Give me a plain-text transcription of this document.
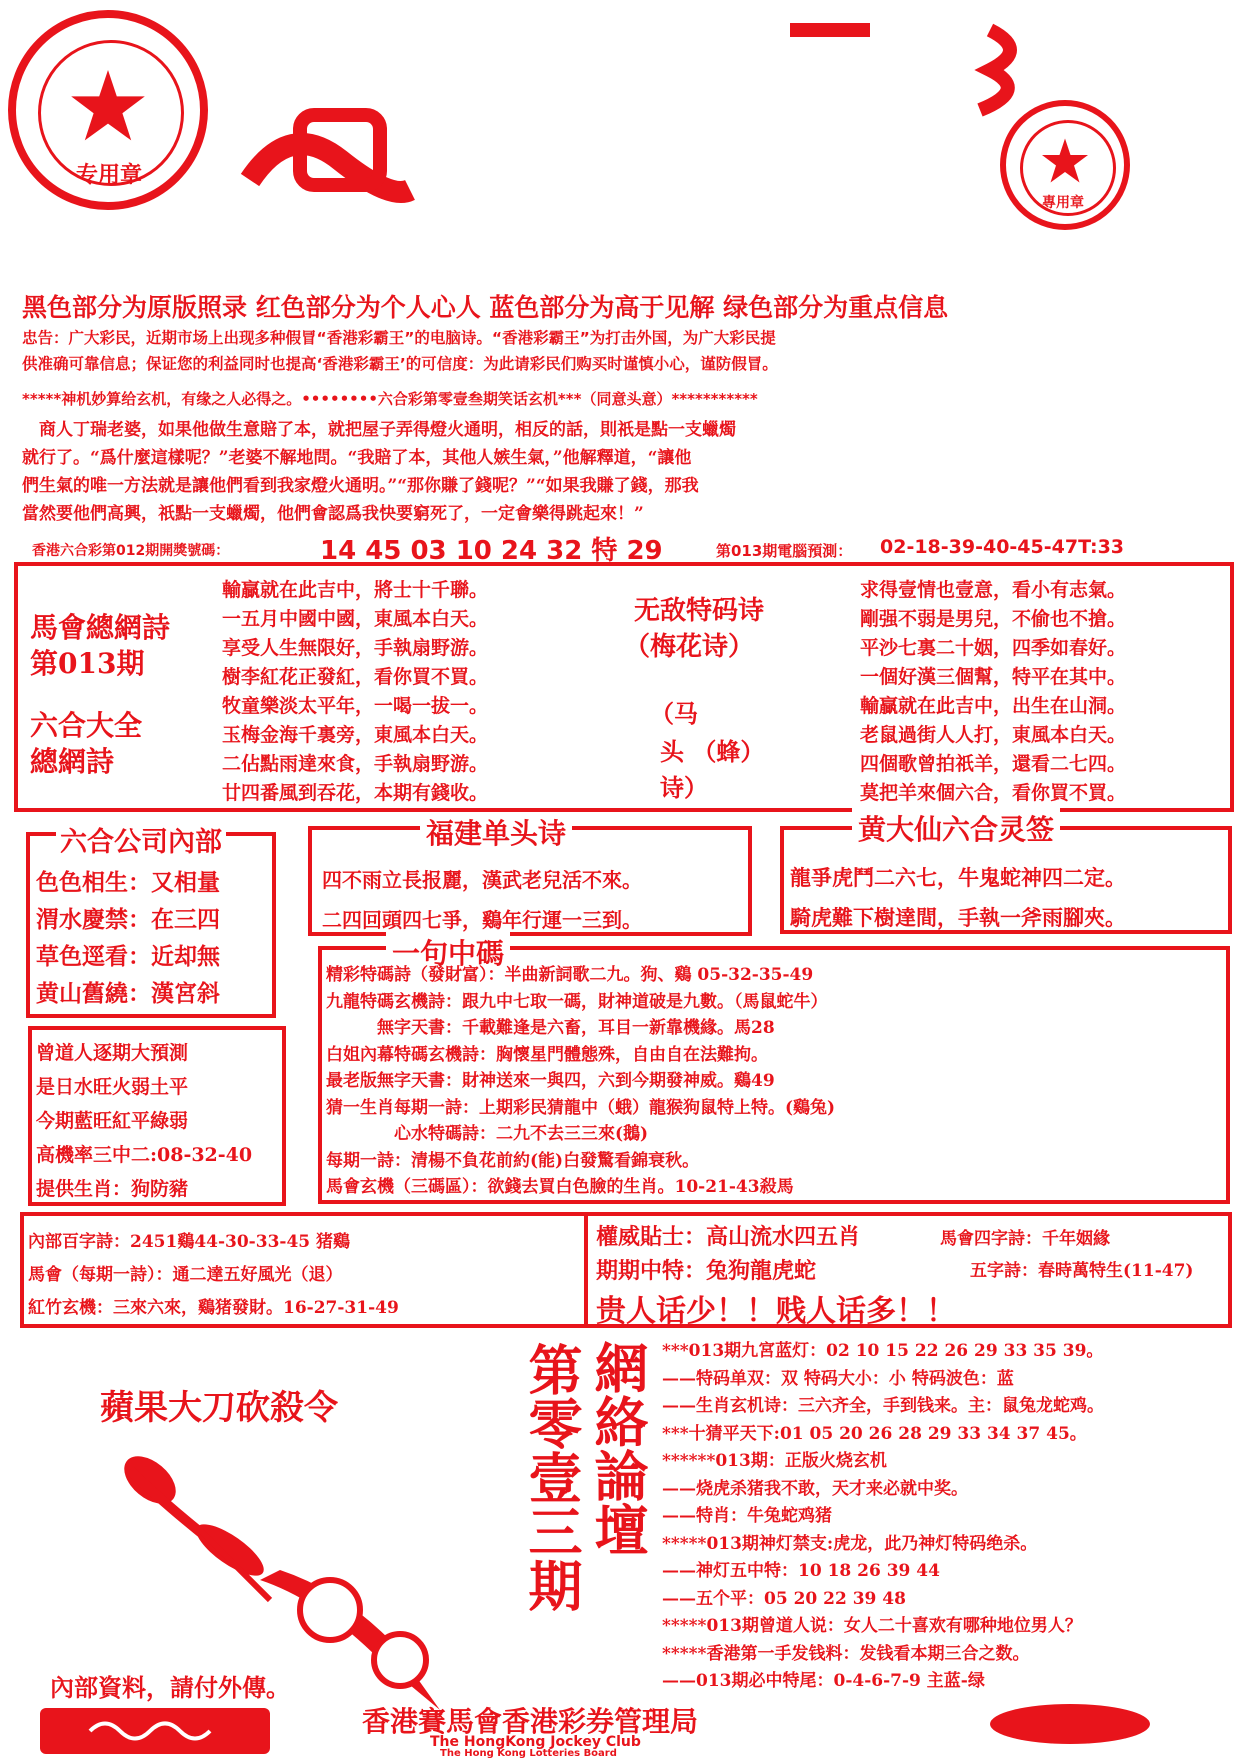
专用章
專用章
黑色部分为原版照录 红色部分为个人心人 蓝色部分为高于见解 绿色部分为重点信息
忠告：广大彩民，近期市场上出现多种假冒“香港彩霸王”的电脑诗。“香港彩霸王”为打击外国，为广大彩民提
供准确可靠信息；保证您的利益同时也提高‘香港彩霸王’的可信度：为此请彩民们购买时谨慎小心，谨防假冒。
*****神机妙算给玄机，有缘之人必得之。••••••••六合彩第零壹叁期笑话玄机***（同意头意）***********
　商人丁瑞老婆，如果他做生意賠了本，就把屋子弄得燈火通明，相反的話，則祇是點一支蠟燭
就行了。“爲什麼這樣呢？”老婆不解地問。“我賠了本，其他人嫉生氣，”他解釋道，“讓他
們生氣的唯一方法就是讓他們看到我家燈火通明。”“那你賺了錢呢？”“如果我賺了錢，那我
當然要他們高興，祇點一支蠟燭，他們會認爲我快要窮死了，一定會樂得跳起來！”
香港六合彩第012期開獎號碼：	14 45 03 10 24 32 特 29	第013期電腦預測： 02-18-39-40-45-47T:33
馬會總網詩
第013期
六合大全
總網詩
輸贏就在此吉中，將士十千聯。
一五月中國中國，東風本白天。
享受人生無限好，手執扇野游。
樹李紅花正發紅，看你買不買。
牧童樂淡太平年，一喝一拔一。
玉梅金海千裏旁，東風本白天。
二佔點雨達來食，手執扇野游。
廿四番風到吞花，本期有錢收。
无敌特码诗
（梅花诗）
（马
头 （蜂）
诗）
求得壹情也壹意，看小有志氣。
剛强不弱是男兒，不偷也不搶。
平沙七裏二十姻，四季如春好。
一個好漢三個幫，特平在其中。
輸贏就在此吉中，出生在山洞。
老鼠過街人人打，東風本白天。
四個歌曾拍祇羊，還看二七四。
莫把羊來個六合，看你買不買。
六合公司內部
色色相生：又相量
渭水慶禁：在三四
草色逕看：近却無
黄山舊繞：漢宮斜
福建单头诗
四不雨立長报麗，漢武老兒活不來。
二四回頭四七爭，鷄年行運一三到。
黄大仙六合灵签
龍爭虎鬥二六七，牛鬼蛇神四二定。
騎虎難下樹達間，手執一斧雨腳夾。
曾道人逐期大預測
是日水旺火弱土平
今期藍旺紅平綠弱
高機率三中二:08-32-40
提供生肖：狗防豬
一句中碼
精彩特碼詩（發財富）：半曲新詞歌二九。狗、鷄 05-32-35-49
九龍特碼玄機詩：跟九中七取一碼，財神道破是九數。（馬鼠蛇牛）
　　　無字天書：千載難逢是六畜，耳目一新靠機緣。馬28
白姐內幕特碼玄機詩：胸懷星門體態殊，自由自在法難拘。
最老版無字天書：財神送來一與四，六到今期發神威。鷄49
猜一生肖每期一詩：上期彩民猜龍中（蛾）龍猴狗鼠特上特。(鷄兔)
　　　　心水特碼詩：二九不去三三來(鵝)
每期一詩：清楊不負花前約(能)白發驚看錦衰秋。
馬會玄機（三碼區）：欲錢去買白色臉的生肖。10-21-43殺馬
內部百字詩：2451鷄44-30-33-45 猪鷄
馬會（每期一詩）：通二達五好風光（退）
紅竹玄機：三來六來，鷄猪發財。16-27-31-49
權威貼士：高山流水四五肖
期期中特：兔狗龍虎蛇
馬會四字詩：千年姻緣
五字詩：春時萬特生(11-47)
贵人话少！！贱人话多！！
蘋果大刀砍殺令
內部資料，請付外傳。
第零壹三期 網絡論壇 ***013期九宮蓝灯：02 10 15 22 26 29 33 35 39。
——特码单双：双 特码大小：小 特码波色：蓝
——生肖玄机诗：三六齐全，手到钱来。主：鼠兔龙蛇鸡。
***十猜平天下:01 05 20 26 28 29 33 34 37 45。
******013期：正版火烧玄机
——烧虎杀猪我不敢，天才来必就中奖。
——特肖：牛兔蛇鸡猪
*****013期神灯禁支:虎龙，此乃神灯特码绝杀。
——神灯五中特：10 18 26 39 44
——五个平：05 20 22 39 48
*****013期曾道人说：女人二十喜欢有哪种地位男人？
*****香港第一手发钱料：发钱看本期三合之数。
——013期必中特尾：0-4-6-7-9 主蓝-绿
香港賽馬會香港彩券管理局
The HongKong Jockey Club
The Hong Kong Lotteries Board
